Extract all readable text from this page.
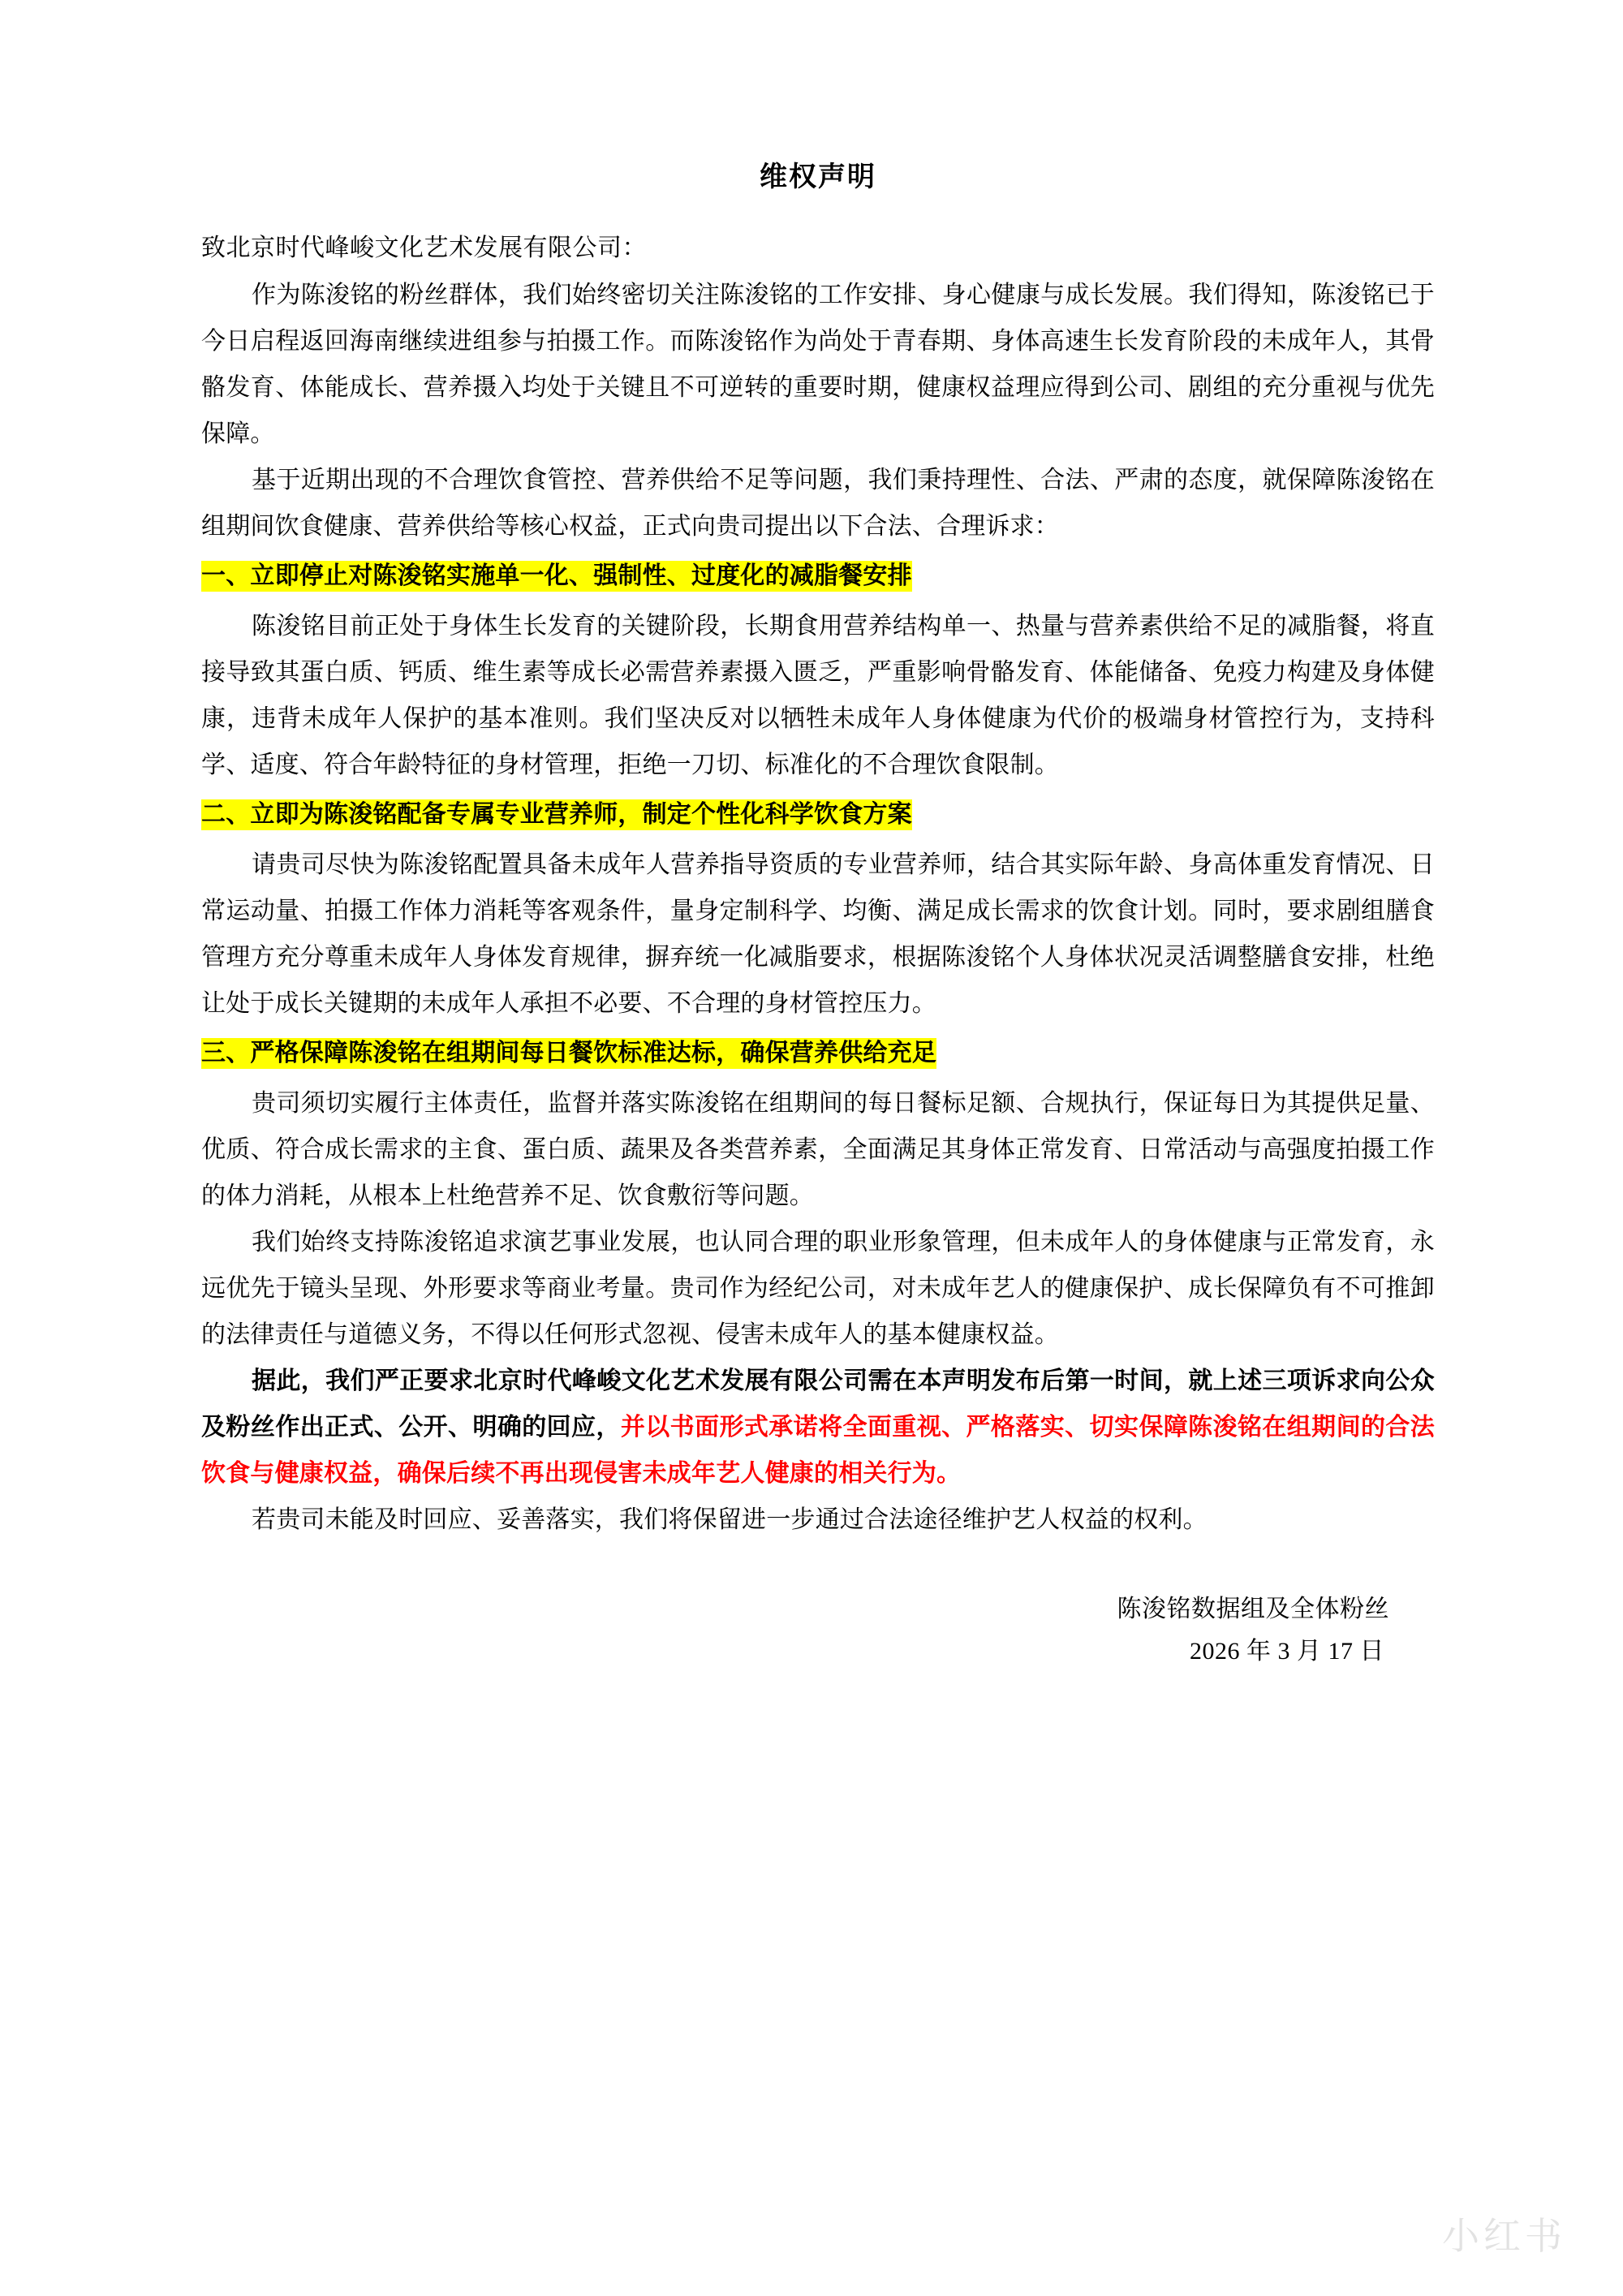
维权声明
致北京时代峰峻文化艺术发展有限公司：

作为陈浚铭的粉丝群体，我们始终密切关注陈浚铭的工作安排、身心健康与成长发展。我们得知，陈浚铭已于今日启程返回海南继续进组参与拍摄工作。而陈浚铭作为尚处于青春期、身体高速生长发育阶段的未成年人，其骨骼发育、体能成长、营养摄入均处于关键且不可逆转的重要时期，健康权益理应得到公司、剧组的充分重视与优先保障。

基于近期出现的不合理饮食管控、营养供给不足等问题，我们秉持理性、合法、严肃的态度，就保障陈浚铭在组期间饮食健康、营养供给等核心权益，正式向贵司提出以下合法、合理诉求：

一、立即停止对陈浚铭实施单一化、强制性、过度化的减脂餐安排

陈浚铭目前正处于身体生长发育的关键阶段，长期食用营养结构单一、热量与营养素供给不足的减脂餐，将直接导致其蛋白质、钙质、维生素等成长必需营养素摄入匮乏，严重影响骨骼发育、体能储备、免疫力构建及身体健康，违背未成年人保护的基本准则。我们坚决反对以牺牲未成年人身体健康为代价的极端身材管控行为，支持科学、适度、符合年龄特征的身材管理，拒绝一刀切、标准化的不合理饮食限制。

二、立即为陈浚铭配备专属专业营养师，制定个性化科学饮食方案

请贵司尽快为陈浚铭配置具备未成年人营养指导资质的专业营养师，结合其实际年龄、身高体重发育情况、日常运动量、拍摄工作体力消耗等客观条件，量身定制科学、均衡、满足成长需求的饮食计划。同时，要求剧组膳食管理方充分尊重未成年人身体发育规律，摒弃统一化减脂要求，根据陈浚铭个人身体状况灵活调整膳食安排，杜绝让处于成长关键期的未成年人承担不必要、不合理的身材管控压力。

三、严格保障陈浚铭在组期间每日餐饮标准达标，确保营养供给充足

贵司须切实履行主体责任，监督并落实陈浚铭在组期间的每日餐标足额、合规执行，保证每日为其提供足量、优质、符合成长需求的主食、蛋白质、蔬果及各类营养素，全面满足其身体正常发育、日常活动与高强度拍摄工作的体力消耗，从根本上杜绝营养不足、饮食敷衍等问题。

我们始终支持陈浚铭追求演艺事业发展，也认同合理的职业形象管理，但未成年人的身体健康与正常发育，永远优先于镜头呈现、外形要求等商业考量。贵司作为经纪公司，对未成年艺人的健康保护、成长保障负有不可推卸的法律责任与道德义务，不得以任何形式忽视、侵害未成年人的基本健康权益。

据此，我们严正要求北京时代峰峻文化艺术发展有限公司需在本声明发布后第一时间，就上述三项诉求向公众及粉丝作出正式、公开、明确的回应，并以书面形式承诺将全面重视、严格落实、切实保障陈浚铭在组期间的合法饮食与健康权益，确保后续不再出现侵害未成年艺人健康的相关行为。

若贵司未能及时回应、妥善落实，我们将保留进一步通过合法途径维护艺人权益的权利。

陈浚铭数据组及全体粉丝
2026 年 3 月 17 日
小红书
